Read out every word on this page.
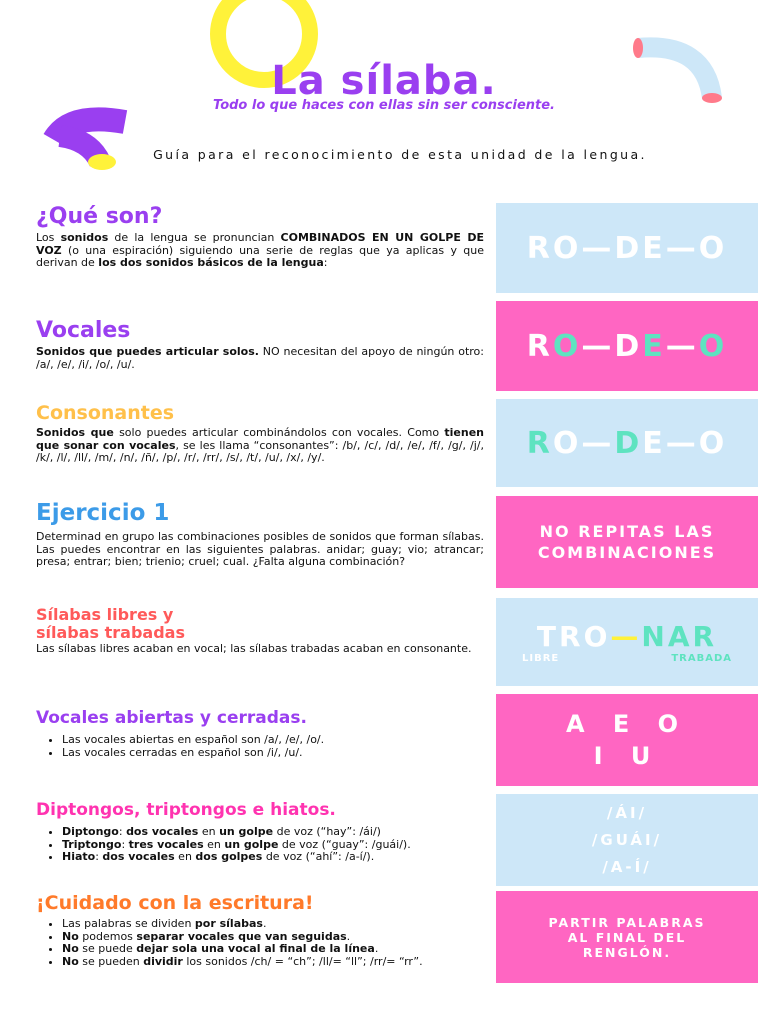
La sílaba.
Todo lo que haces con ellas sin ser consciente.
Guía para el reconocimiento de esta unidad de la lengua.
¿Qué son?
Los sonidos de la lengua se pronuncian COMBINADOS EN UN GOLPE DE VOZ (o una espiración) siguiendo una serie de reglas que ya aplicas y que derivan de los dos sonidos básicos de la lengua:	RO—DE—O
Vocales
Sonidos que puedes articular solos. NO necesitan del apoyo de ningún otro: /a/, /e/, /i/, /o/, /u/.
RO—DE—O
Consonantes
Sonidos que solo puedes articular combinándolos con vocales. Como tienen que sonar con vocales, se les llama “consonantes”: /b/, /c/, /d/, /e/, /f/, /g/, /j/, /k/, /l/, /ll/, /m/, /n/, /ñ/, /p/, /r/, /rr/, /s/, /t/, /u/, /x/, /y/.	RO—DE—O
Ejercicio 1
Determinad en grupo las combinaciones posibles de sonidos que forman sílabas. Las puedes encontrar en las siguientes palabras. anidar; guay; vio; atrancar; presa; entrar; bien; trienio; cruel; cual. ¿Falta alguna combinación?
NO REPITAS LAS
COMBINACIONES
Sílabas libres y
sílabas trabadas
Las sílabas libres acaban en vocal; las sílabas trabadas acaban en consonante.	TRO—NAR
LIBRE	TRABADA
Vocales abiertas y cerradas.
• Las vocales abiertas en español son /a/, /e/, /o/.
• Las vocales cerradas en español son /i/, /u/.
A E O
I U
Diptongos, triptongos e hiatos.
• Diptongo: dos vocales en un golpe de voz (“hay”: /ái/)
• Triptongo: tres vocales en un golpe de voz (“guay”: /guái/).
• Hiato: dos vocales en dos golpes de voz (“ahí”: /a-í/).
/ÁI/
/GUÁI/
/A-Í/
¡Cuidado con la escritura!
• Las palabras se dividen por sílabas.
• No podemos separar vocales que van seguidas.
• No se puede dejar sola una vocal al final de la línea.
• No se pueden dividir los sonidos /ch/ = “ch”; /ll/= “ll”; /rr/= “rr”.
PARTIR PALABRAS
AL FINAL DEL
RENGLÓN.
